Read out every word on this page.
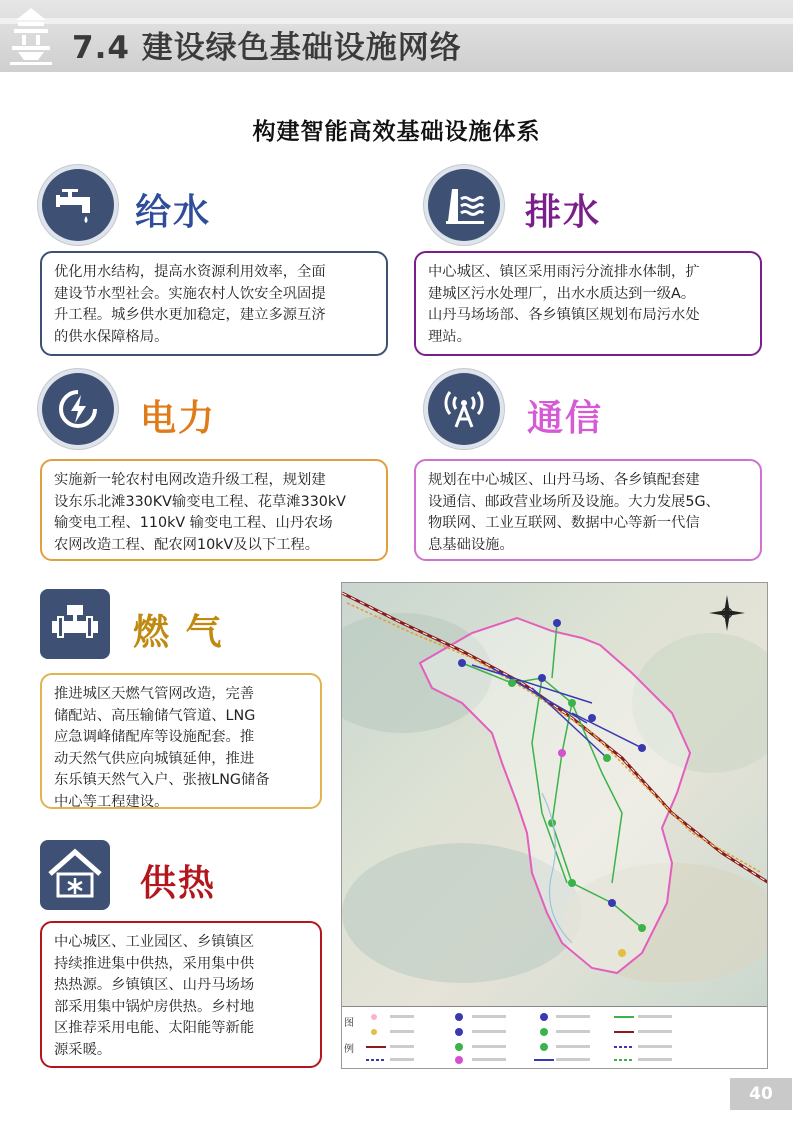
7.4 建设绿色基础设施网络
构建智能高效基础设施体系
给水
优化用水结构，提高水资源利用效率，全面
建设节水型社会。实施农村人饮安全巩固提
升工程。城乡供水更加稳定，建立多源互济
的供水保障格局。
排水
中心城区、镇区采用雨污分流排水体制，扩
建城区污水处理厂，出水水质达到一级A。
山丹马场场部、各乡镇镇区规划布局污水处
理站。
电力
实施新一轮农村电网改造升级工程，规划建
设东乐北滩330KV输变电工程、花草滩330kV
输变电工程、110kV 输变电工程、山丹农场
农网改造工程、配农网10kV及以下工程。
通信
规划在中心城区、山丹马场、各乡镇配套建
设通信、邮政营业场所及设施。大力发展5G、
物联网、工业互联网、数据中心等新一代信
息基础设施。
燃 气
推进城区天燃气管网改造，完善
储配站、高压输储气管道、LNG
应急调峰储配库等设施配套。推
动天然气供应向城镇延伸，推进
东乐镇天然气入户、张掖LNG储备
中心等工程建设。
供热
中心城区、工业园区、乡镇镇区
持续推进集中供热，采用集中供
热热源。乡镇镇区、山丹马场场
部采用集中锅炉房供热。乡村地
区推荐采用电能、太阳能等新能
源采暖。
图例
40
